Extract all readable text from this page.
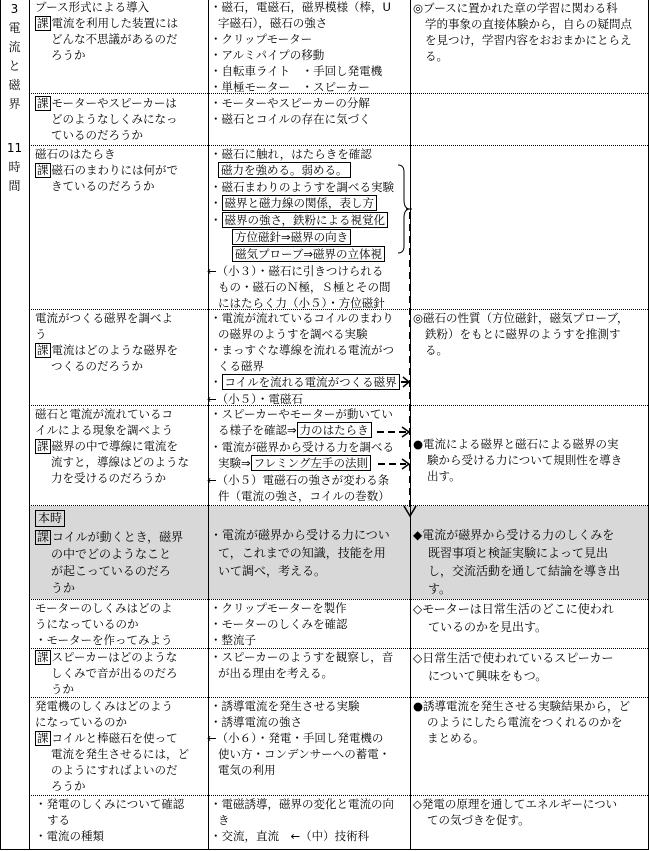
3
電
流
と
磁
界
11
時
間
ブース形式による導入
課 電流を利用した装置には
どんな不思議があるのだ
ろうか
・磁石，電磁石，磁界模様（棒，U
字磁石），磁石の強さ
・クリップモーター
・アルミパイプの移動
・自転車ライト　・手回し発電機
・単極モーター　・スピーカー
◎ブースに置かれた章の学習に関わる科
学的事象の直接体験から，自らの疑問点
を見つけ，学習内容をおおまかにとらえ
る。
課 モーターやスピーカーは
どのようなしくみになっ
ているのだろうか
・モーターやスピーカーの分解
・磁石とコイルの存在に気づく
磁石のはたらき
課 磁石のまわりには何がで
きているのだろうか
・磁石に触れ，はたらきを確認
磁力を強める。弱める。
・磁石まわりのようすを調べる実験
・ 磁界と磁力線の関係，表し方
・ 磁界の強さ，鉄粉による視覚化
方位磁針⇒磁界の向き
磁気プローブ⇒磁界の立体視
←（小３）・磁石に引きつけられる
もの・磁石のＮ極，Ｓ極とその間
にはたらく力（小５）・方位磁針
電流がつくる磁界を調べよ
う
課 電流はどのような磁界を
つくるのだろうか
・電流が流れているコイルのまわり
の磁界のようすを調べる実験
・まっすぐな導線を流れる電流がつ
くる磁界
・ コイルを流れる電流がつくる磁界
←（小５）・電磁石
◎磁石の性質（方位磁針，磁気プローブ，
鉄粉）をもとに磁界のようすを推測す
る。
磁石と電流が流れているコ
イルによる現象を調べよう
課 磁界の中で導線に電流を
流すと，導線はどのような
力を受けるのだろうか
・スピーカーやモーターが動いてい
る様子を確認⇒ 力のはたらき
・電流が磁界から受ける力を調べる
実験⇒ フレミング左手の法則
←（小５）電磁石の強さが変わる条
件（電流の強さ，コイルの巻数）
●電流による磁界と磁石による磁界の実
験から受ける力について規則性を導き
出す。
本時
課 コイルが動くとき，磁界
の中でどのようなこと
が起こっているのだろ
うか
・電流が磁界から受ける力につい
て，これまでの知識，技能を用
いて調べ，考える。
◆電流が磁界から受ける力のしくみを
既習事項と検証実験によって見出
し，交流活動を通して結論を導き出
す。
モーターのしくみはどのよ
うになっているのか
・モーターを作ってみよう
・クリップモーターを製作
・モーターのしくみを確認
・整流子
◇モーターは日常生活のどこに使われ
ているのかを見出す。
課 スピーカーはどのような
しくみで音が出るのだろ
うか
・スピーカーのようすを観察し，音
が出る理由を考える。
◇日常生活で使われているスピーカー
について興味をもつ。
発電機のしくみはどのよう
になっているのか
課 コイルと棒磁石を使って
電流を発生させるには，ど
のようにすればよいのだ
ろうか
・誘導電流を発生させる実験
・誘導電流の強さ
←（小６）・発電・手回し発電機の
使い方・コンデンサーへの蓄電・
電気の利用
●誘導電流を発生させる実験結果から，ど
のようにしたら電流をつくれるのかを
まとめる。
・発電のしくみについて確認
する
・電流の種類
・電磁誘導，磁界の変化と電流の向
き
・交流，直流　←（中）技術科
◇発電の原理を通してエネルギーについ
ての気づきを促す。
